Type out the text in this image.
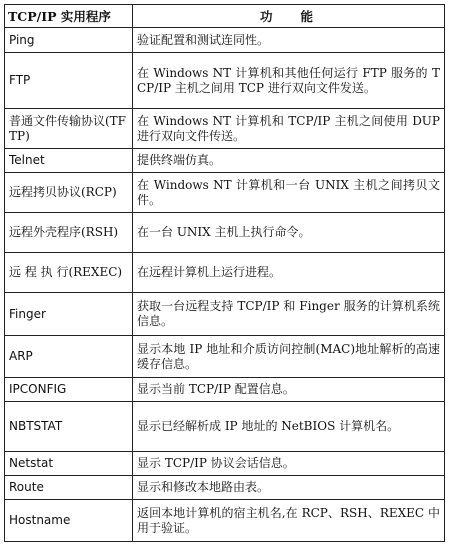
TCP/IP 实用程序	功能
Ping	验证配置和测试连同性。
FTP	在 Windows NT 计算机和其他任何运行 FTP 服务的 TCP/IP 主机之间用 TCP 进行双向文件发送。
普通文件传输协议(TFTP)	在 Windows NT 计算机和 TCP/IP 主机之间使用 DUP 进行双向文件传送。
Telnet	提供终端仿真。
远程拷贝协议(RCP)	在 Windows NT 计算机和一台 UNIX 主机之间拷贝文件。
远程外壳程序(RSH)	在一台 UNIX 主机上执行命令。
远 程 执 行(REXEC)	在远程计算机上运行进程。
Finger	获取一台远程支持 TCP/IP 和 Finger 服务的计算机系统信息。
ARP	显示本地 IP 地址和介质访问控制(MAC)地址解析的高速缓存信息。
IPCONFIG	显示当前 TCP/IP 配置信息。
NBTSTAT	显示已经解析成 IP 地址的 NetBIOS 计算机名。
Netstat	显示 TCP/IP 协议会话信息。
Route	显示和修改本地路由表。
Hostname	返回本地计算机的宿主机名,在 RCP、RSH、REXEC 中用于验证。
